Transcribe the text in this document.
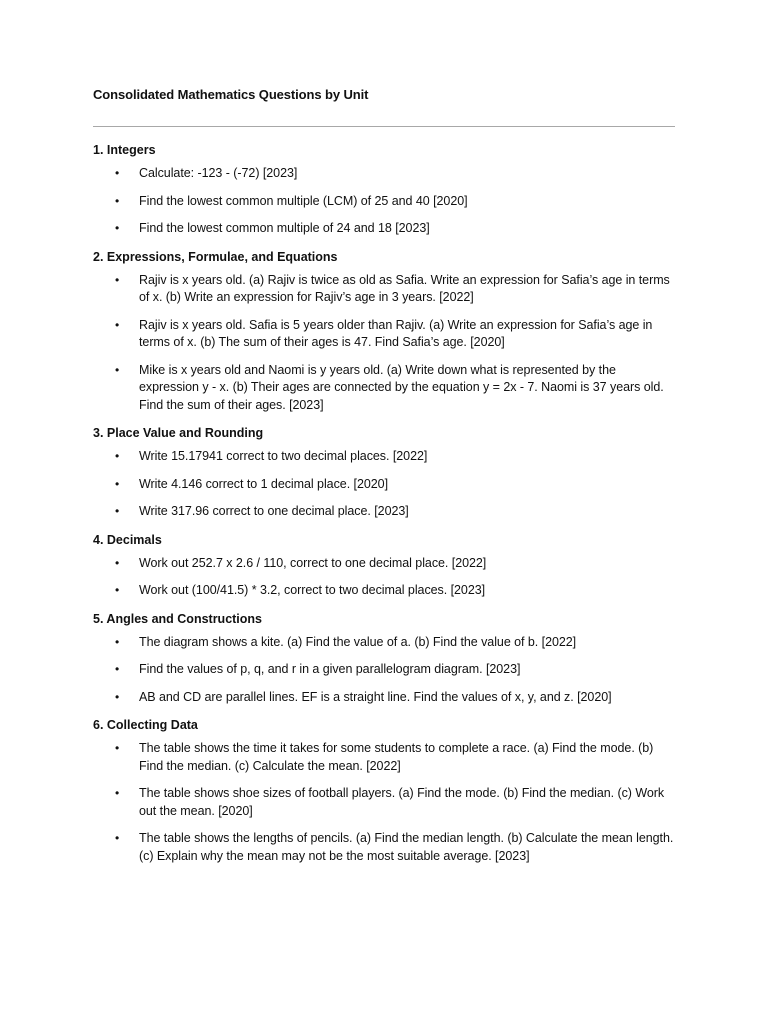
Consolidated Mathematics Questions by Unit
1. Integers
• Calculate: -123 - (-72) [2023]
• Find the lowest common multiple (LCM) of 25 and 40 [2020]
• Find the lowest common multiple of 24 and 18 [2023]
2. Expressions, Formulae, and Equations
• Rajiv is x years old. (a) Rajiv is twice as old as Safia. Write an expression for Safia’s age in terms of x. (b) Write an expression for Rajiv’s age in 3 years. [2022]
• Rajiv is x years old. Safia is 5 years older than Rajiv. (a) Write an expression for Safia’s age in terms of x. (b) The sum of their ages is 47. Find Safia’s age. [2020]
• Mike is x years old and Naomi is y years old. (a) Write down what is represented by the expression y - x. (b) Their ages are connected by the equation y = 2x - 7. Naomi is 37 years old. Find the sum of their ages. [2023]
3. Place Value and Rounding
• Write 15.17941 correct to two decimal places. [2022]
• Write 4.146 correct to 1 decimal place. [2020]
• Write 317.96 correct to one decimal place. [2023]
4. Decimals
• Work out 252.7 x 2.6 / 110, correct to one decimal place. [2022]
• Work out (100/41.5) * 3.2, correct to two decimal places. [2023]
5. Angles and Constructions
• The diagram shows a kite. (a) Find the value of a. (b) Find the value of b. [2022]
• Find the values of p, q, and r in a given parallelogram diagram. [2023]
• AB and CD are parallel lines. EF is a straight line. Find the values of x, y, and z. [2020]
6. Collecting Data
• The table shows the time it takes for some students to complete a race. (a) Find the mode. (b) Find the median. (c) Calculate the mean. [2022]
• The table shows shoe sizes of football players. (a) Find the mode. (b) Find the median. (c) Work out the mean. [2020]
• The table shows the lengths of pencils. (a) Find the median length. (b) Calculate the mean length. (c) Explain why the mean may not be the most suitable average. [2023]
